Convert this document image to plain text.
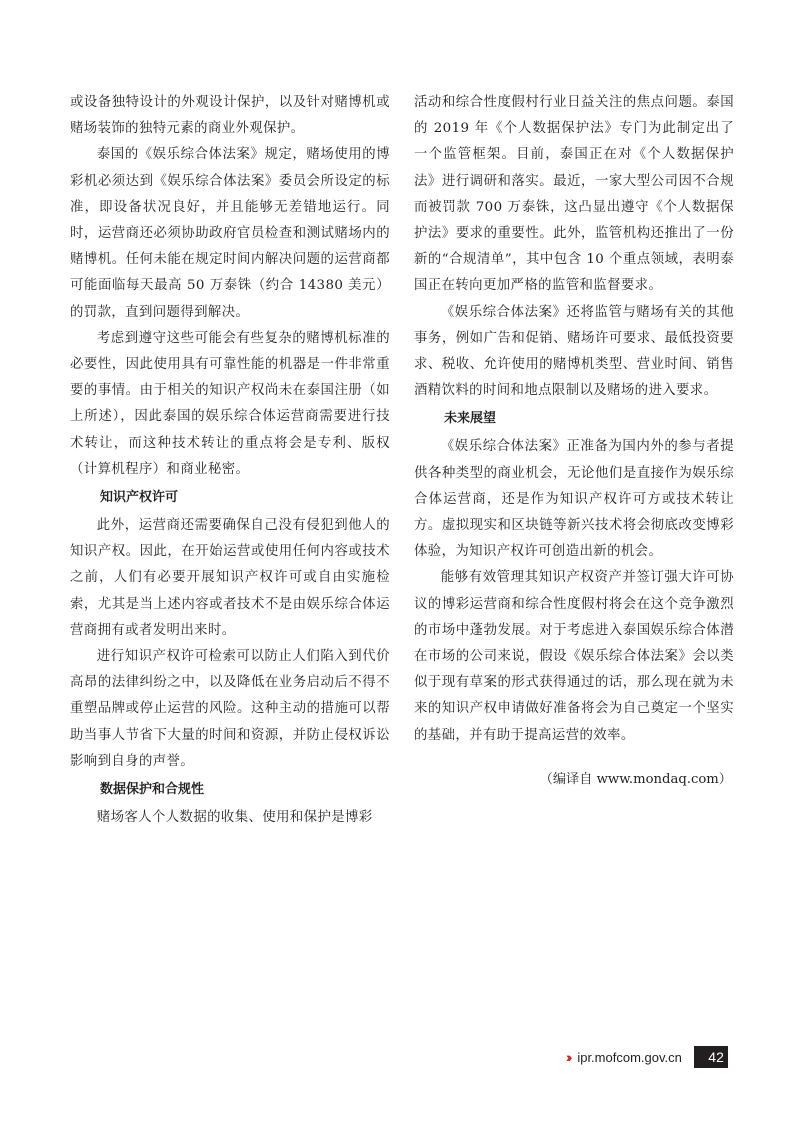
或设备独特设计的外观设计保护，以及针对赌博机或赌场装饰的独特元素的商业外观保护。

泰国的《娱乐综合体法案》规定，赌场使用的博彩机必须达到《娱乐综合体法案》委员会所设定的标准，即设备状况良好，并且能够无差错地运行。同时，运营商还必须协助政府官员检查和测试赌场内的赌博机。任何未能在规定时间内解决问题的运营商都可能面临每天最高 50 万泰铢（约合 14380 美元）的罚款，直到问题得到解决。

考虑到遵守这些可能会有些复杂的赌博机标准的必要性，因此使用具有可靠性能的机器是一件非常重要的事情。由于相关的知识产权尚未在泰国注册（如上所述），因此泰国的娱乐综合体运营商需要进行技术转让，而这种技术转让的重点将会是专利、版权（计算机程序）和商业秘密。

知识产权许可

此外，运营商还需要确保自己没有侵犯到他人的知识产权。因此，在开始运营或使用任何内容或技术之前，人们有必要开展知识产权许可或自由实施检索，尤其是当上述内容或者技术不是由娱乐综合体运营商拥有或者发明出来时。

进行知识产权许可检索可以防止人们陷入到代价高昂的法律纠纷之中，以及降低在业务启动后不得不重塑品牌或停止运营的风险。这种主动的措施可以帮助当事人节省下大量的时间和资源，并防止侵权诉讼影响到自身的声誉。

数据保护和合规性

赌场客人个人数据的收集、使用和保护是博彩

活动和综合性度假村行业日益关注的焦点问题。泰国的 2019 年《个人数据保护法》专门为此制定出了一个监管框架。目前，泰国正在对《个人数据保护法》进行调研和落实。最近，一家大型公司因不合规而被罚款 700 万泰铢，这凸显出遵守《个人数据保护法》要求的重要性。此外，监管机构还推出了一份新的“合规清单”，其中包含 10 个重点领域，表明泰国正在转向更加严格的监管和监督要求。

《娱乐综合体法案》还将监管与赌场有关的其他事务，例如广告和促销、赌场许可要求、最低投资要求、税收、允许使用的赌博机类型、营业时间、销售酒精饮料的时间和地点限制以及赌场的进入要求。

未来展望

《娱乐综合体法案》正准备为国内外的参与者提供各种类型的商业机会，无论他们是直接作为娱乐综合体运营商，还是作为知识产权许可方或技术转让方。虚拟现实和区块链等新兴技术将会彻底改变博彩体验，为知识产权许可创造出新的机会。

能够有效管理其知识产权资产并签订强大许可协议的博彩运营商和综合性度假村将会在这个竞争激烈的市场中蓬勃发展。对于考虑进入泰国娱乐综合体潜在市场的公司来说，假设《娱乐综合体法案》会以类似于现有草案的形式获得通过的话，那么现在就为未来的知识产权申请做好准备将会为自己奠定一个坚实的基础，并有助于提高运营的效率。

（编译自 www.mondaq.com）

›› ipr.mofcom.gov.cn	42
